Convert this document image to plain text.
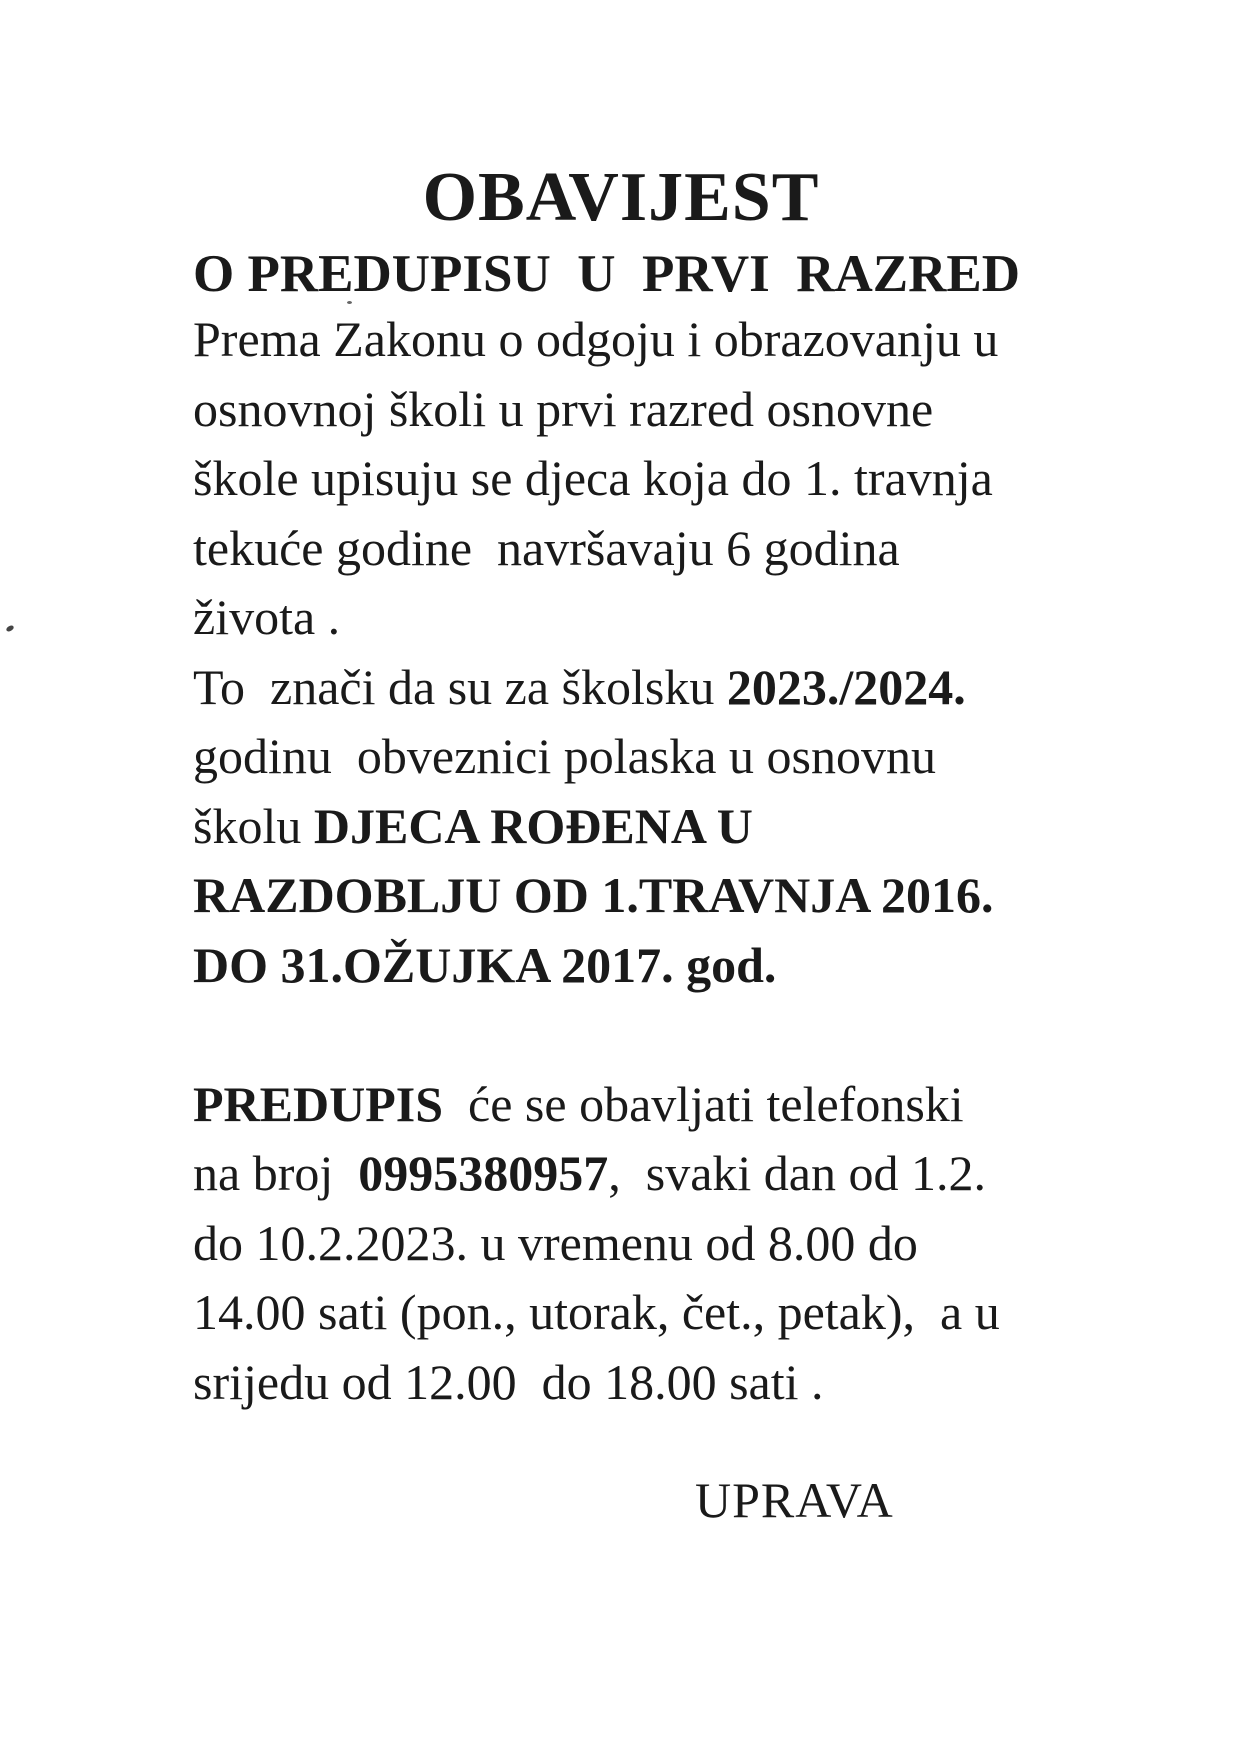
OBAVIJEST
O PREDUPISU  U  PRVI  RAZRED
Prema Zakonu o odgoju i obrazovanju u
osnovnoj školi u prvi razred osnovne
škole upisuju se djeca koja do 1. travnja
tekuće godine  navršavaju 6 godina
života .
To  znači da su za školsku 2023./2024.
godinu  obveznici polaska u osnovnu
školu DJECA ROĐENA U
RAZDOBLJU OD 1.TRAVNJA 2016.
DO 31.OŽUJKA 2017. god.
PREDUPIS  će se obavljati telefonski
na broj  0995380957,  svaki dan od 1.2.
do 10.2.2023. u vremenu od 8.00 do
14.00 sati (pon., utorak, čet., petak),  a u
srijedu od 12.00  do 18.00 sati .

UPRAVA
